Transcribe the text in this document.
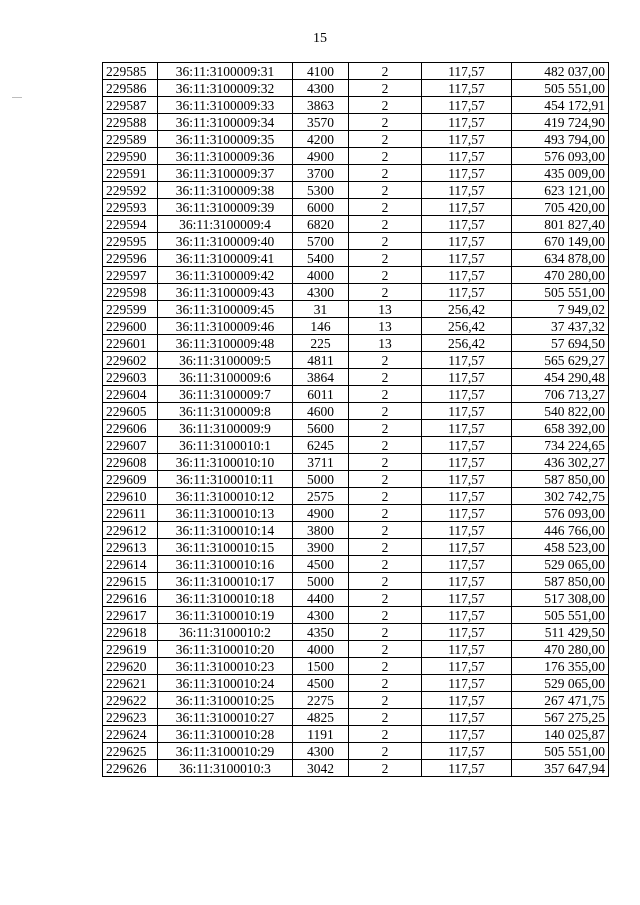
15
229585	36:11:3100009:31	4100	2	117,57	482 037,00
229586	36:11:3100009:32	4300	2	117,57	505 551,00
229587	36:11:3100009:33	3863	2	117,57	454 172,91
229588	36:11:3100009:34	3570	2	117,57	419 724,90
229589	36:11:3100009:35	4200	2	117,57	493 794,00
229590	36:11:3100009:36	4900	2	117,57	576 093,00
229591	36:11:3100009:37	3700	2	117,57	435 009,00
229592	36:11:3100009:38	5300	2	117,57	623 121,00
229593	36:11:3100009:39	6000	2	117,57	705 420,00
229594	36:11:3100009:4	6820	2	117,57	801 827,40
229595	36:11:3100009:40	5700	2	117,57	670 149,00
229596	36:11:3100009:41	5400	2	117,57	634 878,00
229597	36:11:3100009:42	4000	2	117,57	470 280,00
229598	36:11:3100009:43	4300	2	117,57	505 551,00
229599	36:11:3100009:45	31	13	256,42	7 949,02
229600	36:11:3100009:46	146	13	256,42	37 437,32
229601	36:11:3100009:48	225	13	256,42	57 694,50
229602	36:11:3100009:5	4811	2	117,57	565 629,27
229603	36:11:3100009:6	3864	2	117,57	454 290,48
229604	36:11:3100009:7	6011	2	117,57	706 713,27
229605	36:11:3100009:8	4600	2	117,57	540 822,00
229606	36:11:3100009:9	5600	2	117,57	658 392,00
229607	36:11:3100010:1	6245	2	117,57	734 224,65
229608	36:11:3100010:10	3711	2	117,57	436 302,27
229609	36:11:3100010:11	5000	2	117,57	587 850,00
229610	36:11:3100010:12	2575	2	117,57	302 742,75
229611	36:11:3100010:13	4900	2	117,57	576 093,00
229612	36:11:3100010:14	3800	2	117,57	446 766,00
229613	36:11:3100010:15	3900	2	117,57	458 523,00
229614	36:11:3100010:16	4500	2	117,57	529 065,00
229615	36:11:3100010:17	5000	2	117,57	587 850,00
229616	36:11:3100010:18	4400	2	117,57	517 308,00
229617	36:11:3100010:19	4300	2	117,57	505 551,00
229618	36:11:3100010:2	4350	2	117,57	511 429,50
229619	36:11:3100010:20	4000	2	117,57	470 280,00
229620	36:11:3100010:23	1500	2	117,57	176 355,00
229621	36:11:3100010:24	4500	2	117,57	529 065,00
229622	36:11:3100010:25	2275	2	117,57	267 471,75
229623	36:11:3100010:27	4825	2	117,57	567 275,25
229624	36:11:3100010:28	1191	2	117,57	140 025,87
229625	36:11:3100010:29	4300	2	117,57	505 551,00
229626	36:11:3100010:3	3042	2	117,57	357 647,94
